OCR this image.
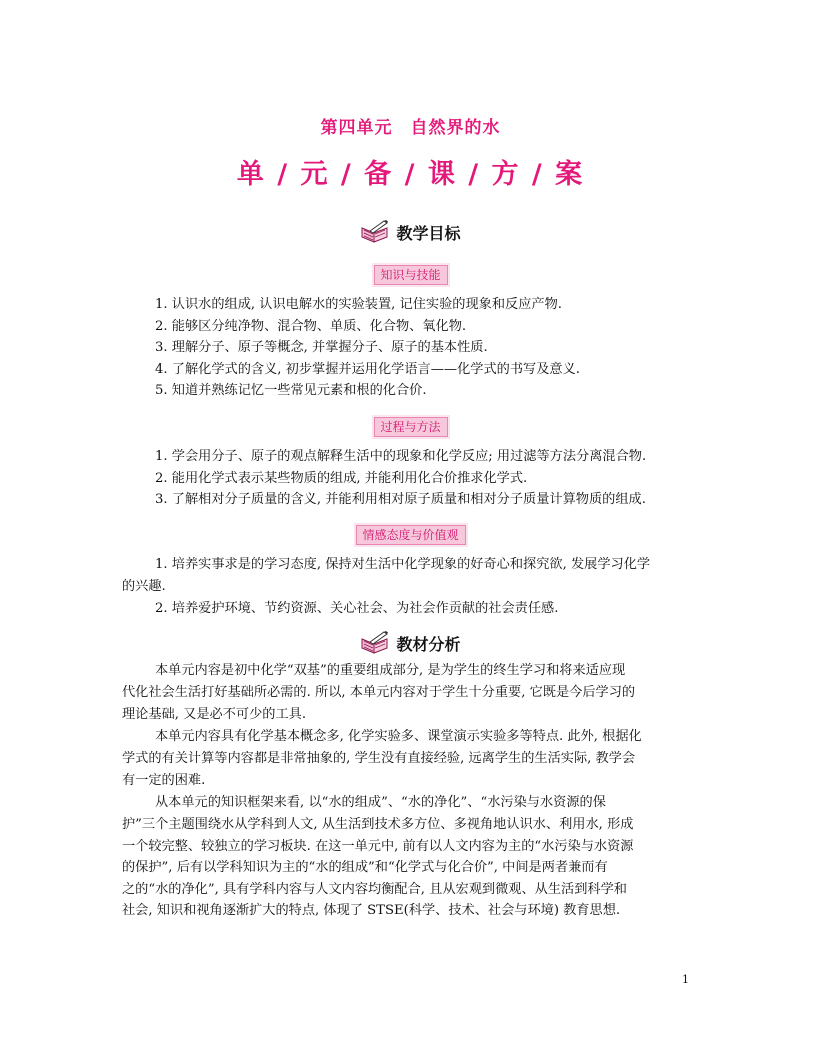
第四单元　自然界的水
单 / 元 / 备 / 课 / 方 / 案
教学目标
知识与技能
1. 认识水的组成, 认识电解水的实验装置, 记住实验的现象和反应产物.
2. 能够区分纯净物、混合物、单质、化合物、氧化物.
3. 理解分子、原子等概念, 并掌握分子、原子的基本性质.
4. 了解化学式的含义, 初步掌握并运用化学语言——化学式的书写及意义.
5. 知道并熟练记忆一些常见元素和根的化合价.
过程与方法
1. 学会用分子、原子的观点解释生活中的现象和化学反应; 用过滤等方法分离混合物.
2. 能用化学式表示某些物质的组成, 并能利用化合价推求化学式.
3. 了解相对分子质量的含义, 并能利用相对原子质量和相对分子质量计算物质的组成.
情感态度与价值观
1. 培养实事求是的学习态度, 保持对生活中化学现象的好奇心和探究欲, 发展学习化学
的兴趣.
2. 培养爱护环境、节约资源、关心社会、为社会作贡献的社会责任感.
教材分析
本单元内容是初中化学“双基”的重要组成部分, 是为学生的终生学习和将来适应现
代化社会生活打好基础所必需的. 所以, 本单元内容对于学生十分重要, 它既是今后学习的
理论基础, 又是必不可少的工具.
本单元内容具有化学基本概念多, 化学实验多、课堂演示实验多等特点. 此外, 根据化
学式的有关计算等内容都是非常抽象的, 学生没有直接经验, 远离学生的生活实际, 教学会
有一定的困难.
从本单元的知识框架来看, 以“水的组成”、“水的净化”、“水污染与水资源的保
护”三个主题围绕水从学科到人文, 从生活到技术多方位、多视角地认识水、利用水, 形成
一个较完整、较独立的学习板块. 在这一单元中, 前有以人文内容为主的“水污染与水资源
的保护”, 后有以学科知识为主的“水的组成”和“化学式与化合价”, 中间是两者兼而有
之的“水的净化”, 具有学科内容与人文内容均衡配合, 且从宏观到微观、从生活到科学和
社会, 知识和视角逐渐扩大的特点, 体现了 STSE(科学、技术、社会与环境) 教育思想.
1
